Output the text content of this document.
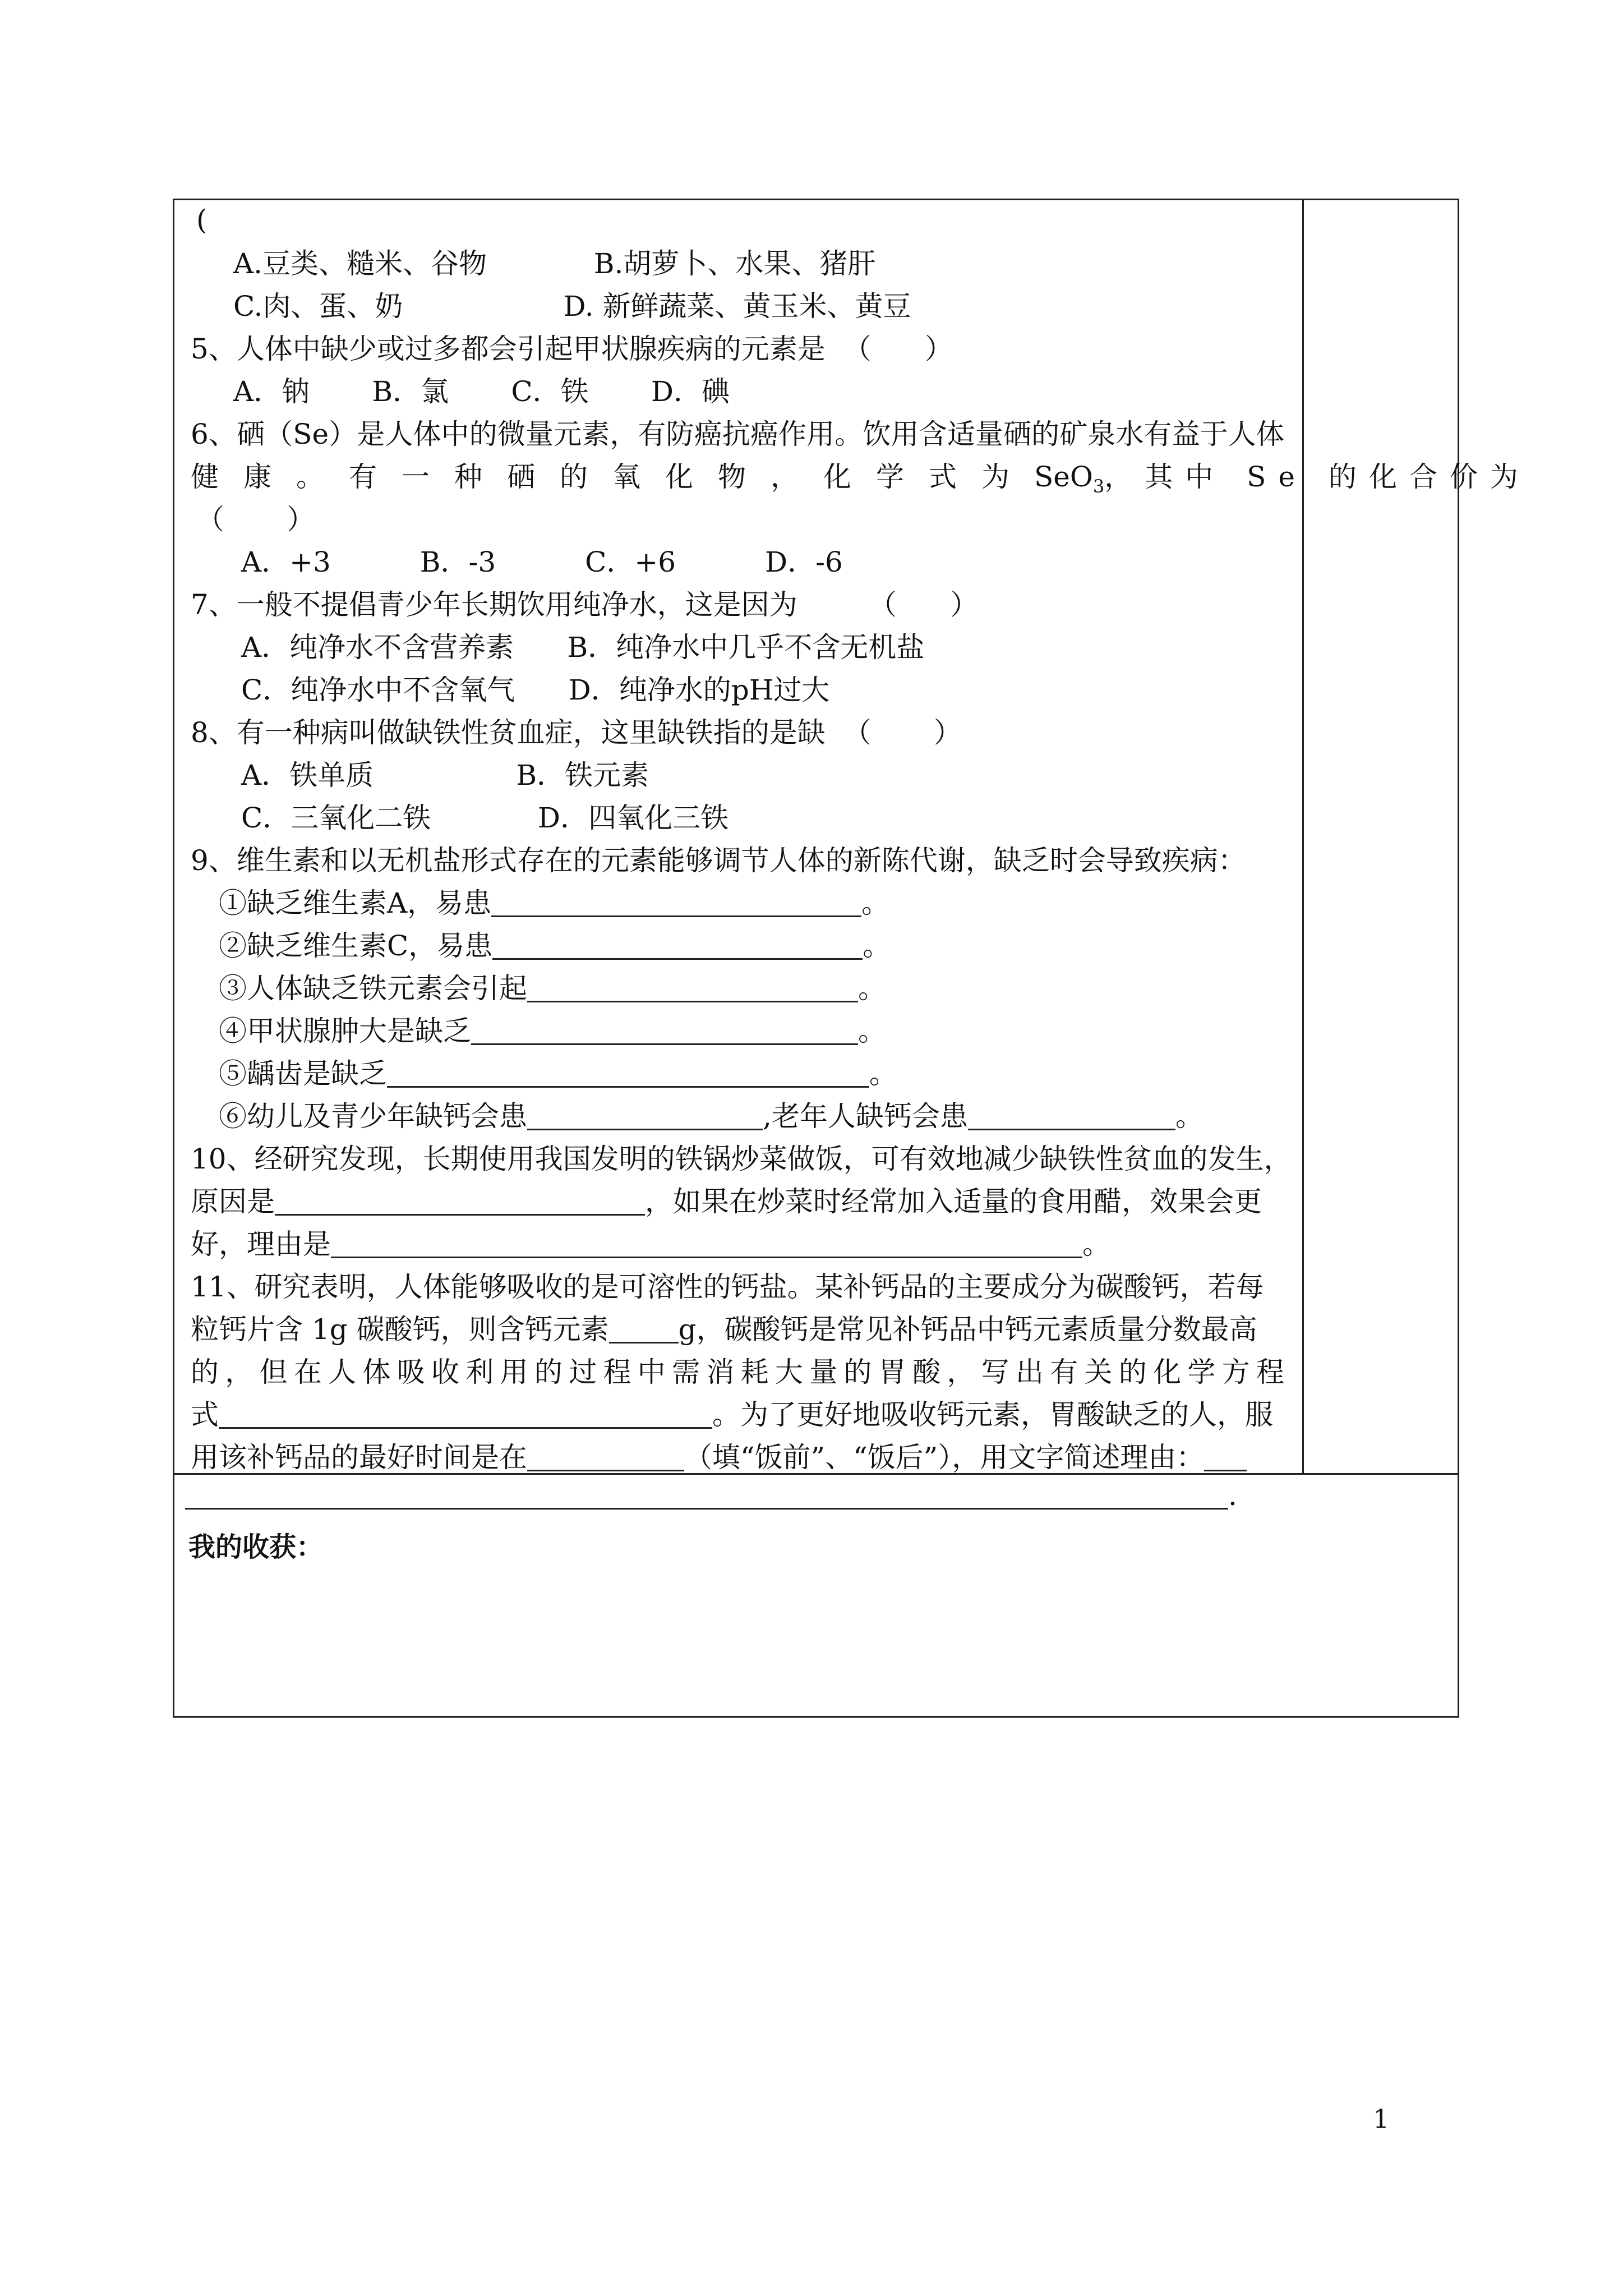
(
A.豆类、糙米、谷物            B.胡萝卜、水果、猪肝
C.肉、蛋、奶                  D. 新鲜蔬菜、黄玉米、黄豆
5、人体中缺少或过多都会引起甲状腺疾病的元素是  （      ）
A．钠       B．氯       C．铁       D．碘
6、硒（Se）是人体中的微量元素，有防癌抗癌作用。饮用含适量硒的矿泉水有益于人体
健康。有一种硒的氧化物，化学式为 SeO$_3$ ，其中 Se 的化合价为
（       ）
A．+3          B．-3          C．+6          D．-6
7、一般不提倡青少年长期饮用纯净水，这是因为        （      ）
A．纯净水不含营养素      B．纯净水中几乎不含无机盐
C．纯净水中不含氧气      D．纯净水的pH过大
8、有一种病叫做缺铁性贫血症，这里缺铁指的是缺  （       ）
A．铁单质                B．铁元素
C．三氧化二铁            D．四氧化三铁
9、维生素和以无机盐形式存在的元素能够调节人体的新陈代谢，缺乏时会导致疾病：
①缺乏维生素A，易患	。
②缺乏维生素C，易患	。
③人体缺乏铁元素会引起	。
④甲状腺肿大是缺乏	。
⑤龋齿是缺乏	。
⑥幼儿及青少年缺钙会患	,老年人缺钙会患	。
10、经研究发现，长期使用我国发明的铁锅炒菜做饭，可有效地减少缺铁性贫血的发生，
原因是	，如果在炒菜时经常加入适量的食用醋，效果会更
好，理由是	。
11、研究表明，人体能够吸收的是可溶性的钙盐。某补钙品的主要成分为碳酸钙，若每
粒钙片含 1g 碳酸钙，则含钙元素 g，碳酸钙是常见补钙品中钙元素质量分数最高
的，但在人体吸收利用的过程中需消耗大量的胃酸，写出有关的化学方程
式	。为了更好地吸收钙元素，胃酸缺乏的人，服
用该补钙品的最好时间是在	（填“饭前”、“饭后”），用文字简述理由：
.
我的收获：
1
